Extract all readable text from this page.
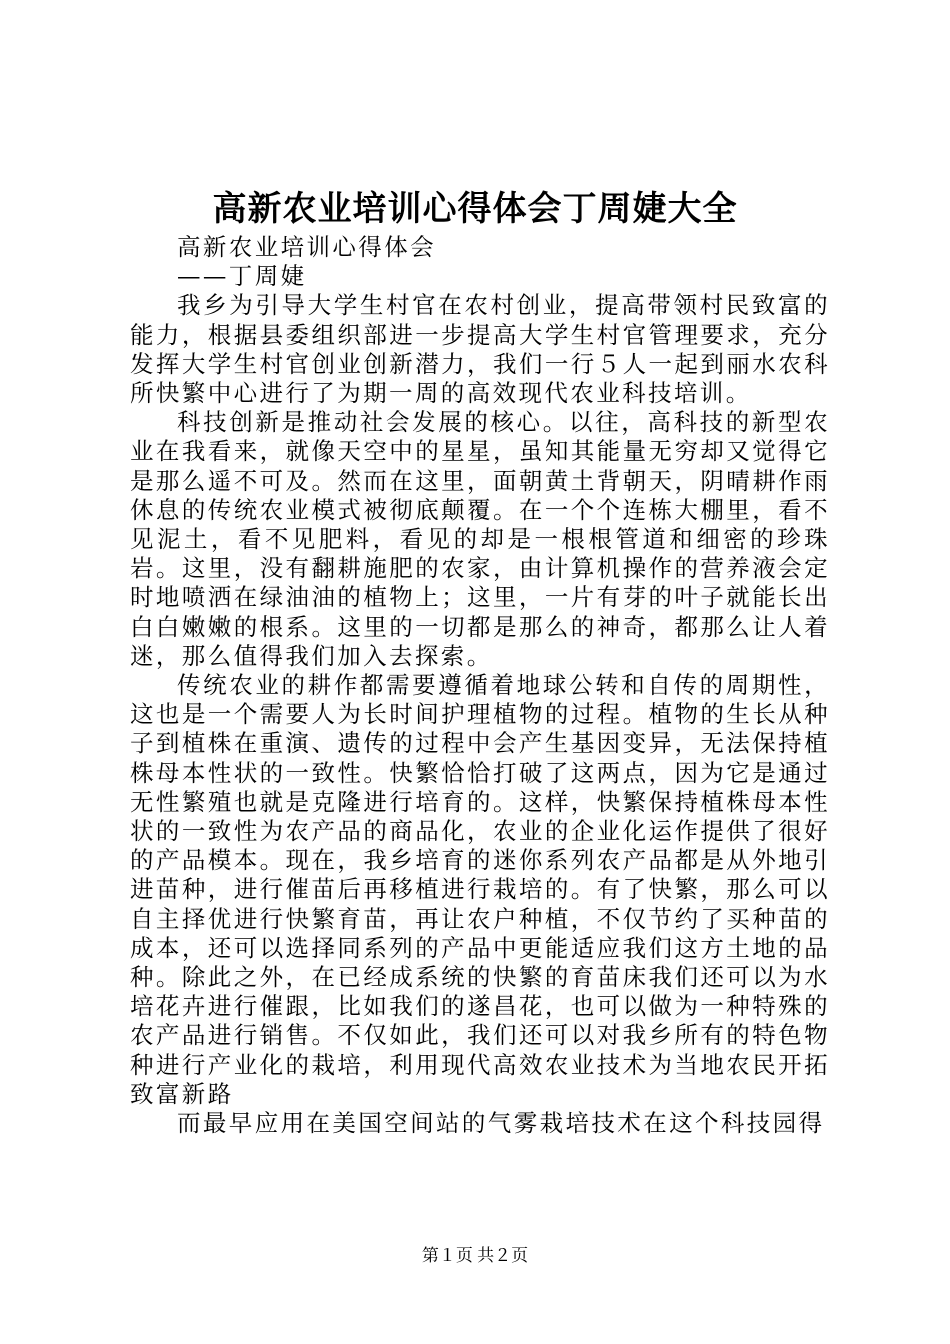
高新农业培训心得体会丁周婕大全

高新农业培训心得体会

——丁周婕

我乡为引导大学生村官在农村创业，提高带领村民致富的能力，根据县委组织部进一步提高大学生村官管理要求，充分发挥大学生村官创业创新潜力，我们一行５人一起到丽水农科所快繁中心进行了为期一周的高效现代农业科技培训。

科技创新是推动社会发展的核心。以往，高科技的新型农业在我看来，就像天空中的星星，虽知其能量无穷却又觉得它是那么遥不可及。然而在这里，面朝黄土背朝天，阴晴耕作雨休息的传统农业模式被彻底颠覆。在一个个连栋大棚里，看不见泥土，看不见肥料，看见的却是一根根管道和细密的珍珠岩。这里，没有翻耕施肥的农家，由计算机操作的营养液会定时地喷洒在绿油油的植物上；这里，一片有芽的叶子就能长出白白嫩嫩的根系。这里的一切都是那么的神奇，都那么让人着迷，那么值得我们加入去探索。

传统农业的耕作都需要遵循着地球公转和自传的周期性，这也是一个需要人为长时间护理植物的过程。植物的生长从种子到植株在重演、遗传的过程中会产生基因变异，无法保持植株母本性状的一致性。快繁恰恰打破了这两点，因为它是通过无性繁殖也就是克隆进行培育的。这样，快繁保持植株母本性状的一致性为农产品的商品化，农业的企业化运作提供了很好的产品模本。现在，我乡培育的迷你系列农产品都是从外地引进苗种，进行催苗后再移植进行栽培的。有了快繁，那么可以自主择优进行快繁育苗，再让农户种植，不仅节约了买种苗的成本，还可以选择同系列的产品中更能适应我们这方土地的品种。除此之外，在已经成系统的快繁的育苗床我们还可以为水培花卉进行催跟，比如我们的遂昌花，也可以做为一种特殊的农产品进行销售。不仅如此，我们还可以对我乡所有的特色物种进行产业化的栽培，利用现代高效农业技术为当地农民开拓致富新路

而最早应用在美国空间站的气雾栽培技术在这个科技园得

第１页 共２页
